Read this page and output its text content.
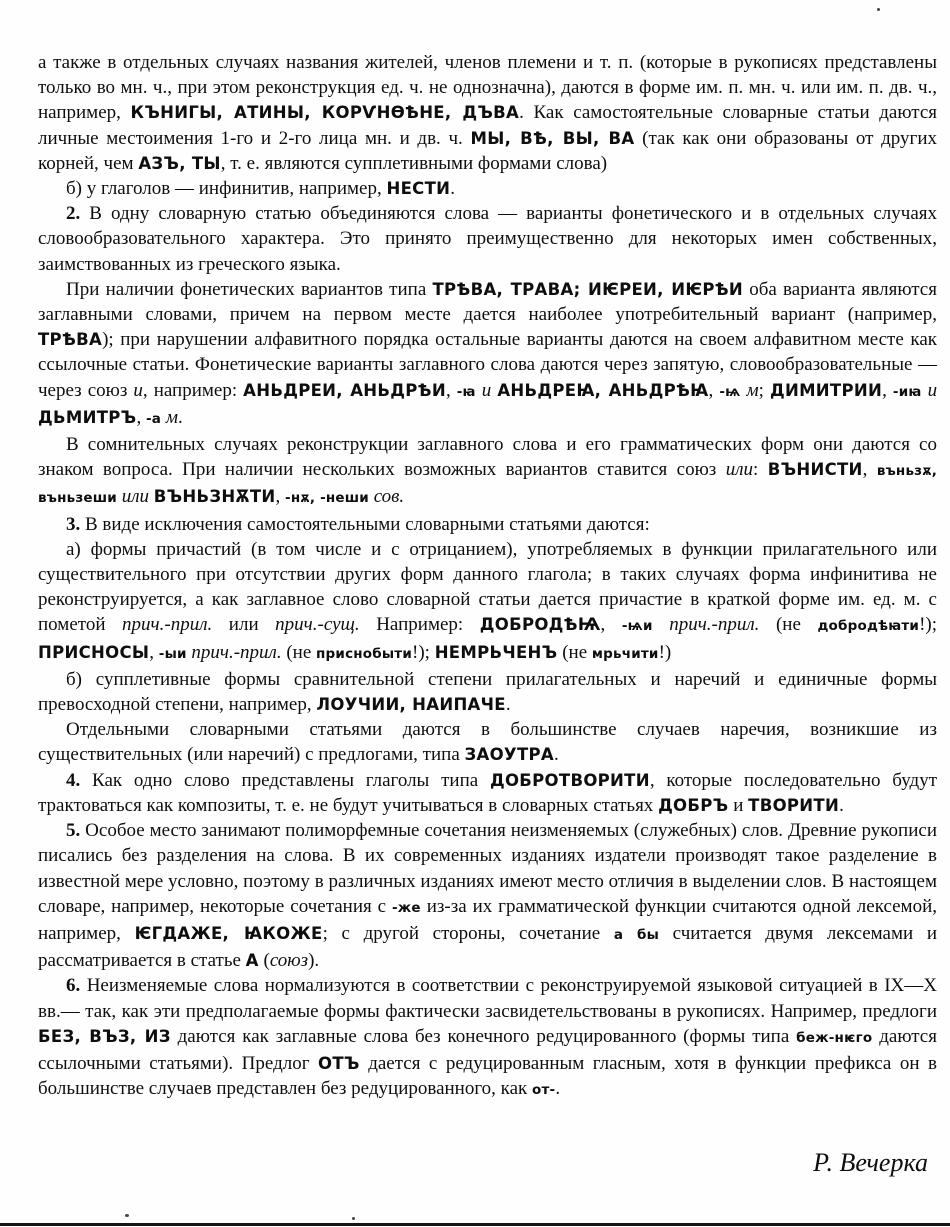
а также в отдельных случаях названия жителей, членов племени и т. п. (которые в рукописях представлены только во мн. ч., при этом реконструкция ед. ч. не однозначна), даются в форме им. п. мн. ч. или им. п. дв. ч., например, КЪНИГЫ, АТИНЫ, КОРѴНѲѢНЕ, ДЪВА. Как самостоятельные словарные статьи даются личные местоимения 1-го и 2-го лица мн. и дв. ч. МЫ, ВѢ, ВЫ, ВА (так как они образованы от других корней, чем АЗЪ, ТЫ, т. е. являются супплетивными формами слова)

б) у глаголов — инфинитив, например, НЕСТИ.

2. В одну словарную статью объединяются слова — варианты фонетического и в отдельных случаях словообразовательного характера. Это принято преимущественно для некоторых имен собственных, заимствованных из греческого языка.

При наличии фонетических вариантов типа ТРѢВА, ТРАВА; ИѤРЕИ, ИѤРѢИ оба варианта являются заглавными словами, причем на первом месте дается наиболее употребительный вариант (например, ТРѢВА); при нарушении алфавитного порядка остальные варианты даются на своем алфавитном месте как ссылочные статьи. Фонетические варианты заглавного слова даются через запятую, словообразовательные — через союз и, например: АНЬДРЕИ, АНЬДРѢИ, -ꙗ и АНЬДРЕꙖ, АНЬДРѢꙖ, -ѩ м; ДИМИТРИИ, -иꙗ и ДЬМИТРЪ, -а м.

В сомнительных случаях реконструкции заглавного слова и его грамматических форм они даются со знаком вопроса. При наличии нескольких возможных вариантов ставится союз или: ВЪНИСТИ, въньзѫ, въньзеши или ВЪНЬЗНѪТИ, -нѫ, -неши сов.

3. В виде исключения самостоятельными словарными статьями даются:

а) формы причастий (в том числе и с отрицанием), употребляемых в функции прилагательного или существительного при отсутствии других форм данного глагола; в таких случаях форма инфинитива не реконструируется, а как заглавное слово словарной статьи дается причастие в краткой форме им. ед. м. с пометой прич.-прил. или прич.-сущ. Например: ДОБРОДѢѨ, -ѩи прич.-прил. (не добродѣꙗти!); ПРИСНОСЫ, -ыи прич.-прил. (не приснобыти!); НЕМРЬЧЕНЪ (не мрьчити!)

б) супплетивные формы сравнительной степени прилагательных и наречий и единичные формы превосходной степени, например, ЛОУЧИИ, НАИПАЧЕ.

Отдельными словарными статьями даются в большинстве случаев наречия, возникшие из существительных (или наречий) с предлогами, типа ЗАОУТРА.

4. Как одно слово представлены глаголы типа ДОБРОТВОРИТИ, которые последовательно будут трактоваться как композиты, т. е. не будут учитываться в словарных статьях ДОБРЪ и ТВОРИТИ.

5. Особое место занимают полиморфемные сочетания неизменяемых (служебных) слов. Древние рукописи писались без разделения на слова. В их современных изданиях издатели производят такое разделение в известной мере условно, поэтому в различных изданиях имеют место отличия в выделении слов. В настоящем словаре, например, некоторые сочетания с -же из-за их грамматической функции считаются одной лексемой, например, ѤГДАЖЕ, ꙖКОЖЕ; с другой стороны, сочетание а бы считается двумя лексемами и рассматривается в статье А (союз).

6. Неизменяемые слова нормализуются в соответствии с реконструируемой языковой ситуацией в IX—X вв.— так, как эти предполагаемые формы фактически засвидетельствованы в рукописях. Например, предлоги БЕЗ, ВЪЗ, ИЗ даются как заглавные слова без конечного редуцированного (формы типа беж-нѥго даются ссылочными статьями). Предлог ОТЪ дается с редуцированным гласным, хотя в функции префикса он в большинстве случаев представлен без редуцированного, как от-.

Р. Вечерка
